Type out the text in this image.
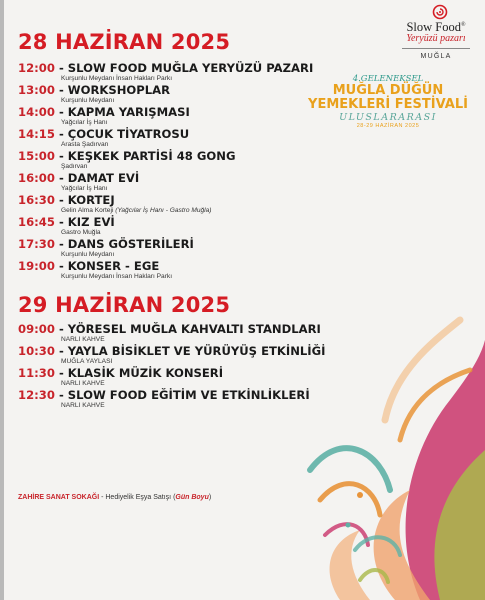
Slow Food®
Yeryüzü pazarı
MUĞLA
4.GELENEKSEL
MUĞLA DÜĞÜN
YEMEKLERİ FESTİVALİ
ULUSLARARASI
28-29 HAZİRAN 2025
28 HAZİRAN 2025
12:00 - SLOW FOOD MUĞLA YERYÜZÜ PAZARI
Kurşunlu Meydanı İnsan Hakları Parkı
13:00 - WORKSHOPLAR
Kurşunlu Meydanı
14:00 - KAPMA YARIŞMASI
Yağcılar İş Hanı
14:15 - ÇOCUK TİYATROSU
Arasta Şadırvan
15:00 - KEŞKEK PARTİSİ 48 GONG
Şadırvan
16:00 - DAMAT EVİ
Yağcılar İş Hanı
16:30 - KORTEJ
Gelin Alma Korteji (Yağcılar İş Hanı - Gastro Muğla)
16:45 - KIZ EVİ
Gastro Muğla
17:30 - DANS GÖSTERİLERİ
Kurşunlu Meydanı
19:00 - KONSER - EGE
Kurşunlu Meydanı İnsan Hakları Parkı
29 HAZİRAN 2025
09:00 - YÖRESEL MUĞLA KAHVALTI STANDLARI
NARLI KAHVE
10:30 - YAYLA BİSİKLET VE YÜRÜYÜŞ ETKİNLİĞİ
MUĞLA YAYLASI
11:30 - KLASİK MÜZİK KONSERİ
NARLI KAHVE
12:30 - SLOW FOOD EĞİTİM VE ETKİNLİKLERİ
NARLI KAHVE
ZAHİRE SANAT SOKAĞI - Hediyelik Eşya Satışı (Gün Boyu)
